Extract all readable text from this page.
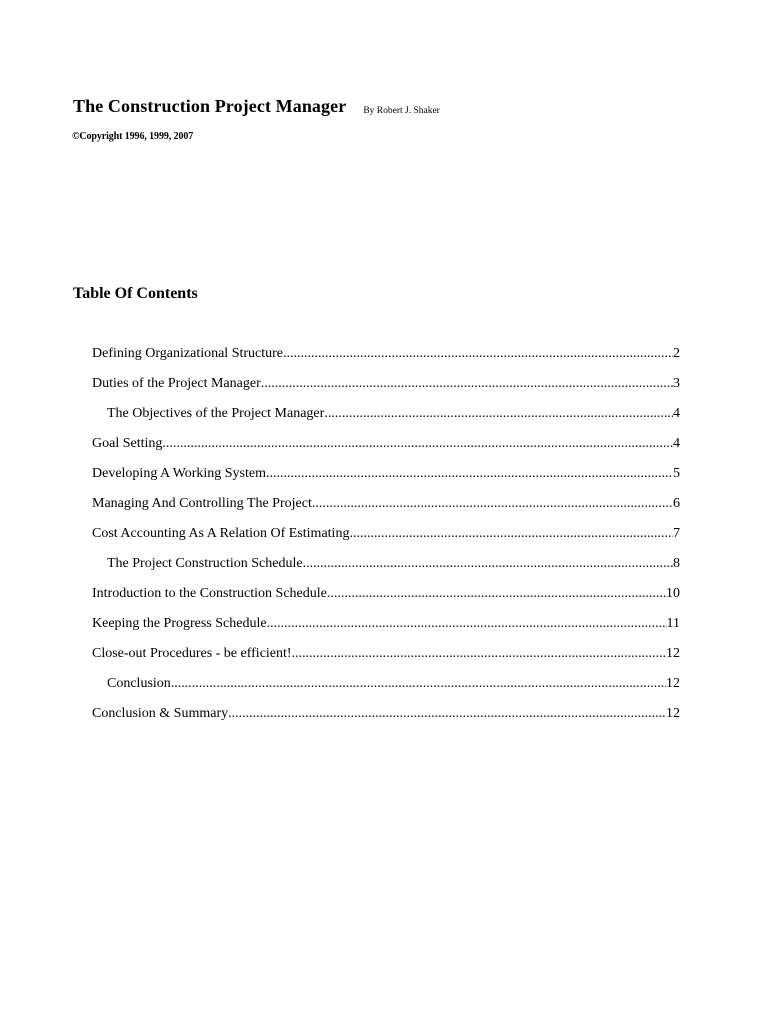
The Construction Project Manager By Robert J. Shaker
©Copyright 1996, 1999, 2007
Table Of Contents
Defining Organizational Structure .....	2
Duties of the Project Manager .....	3
The Objectives of the Project Manager .....	4
Goal Setting .....	4
Developing A Working System .....	5
Managing And Controlling The Project .....	6
Cost Accounting As A Relation Of Estimating .....	7
The Project Construction Schedule .....	8
Introduction to the Construction Schedule .....	10
Keeping the Progress Schedule .....	11
Close-out Procedures - be efficient! .....	12
Conclusion .....	12
Conclusion & Summary .....	12
